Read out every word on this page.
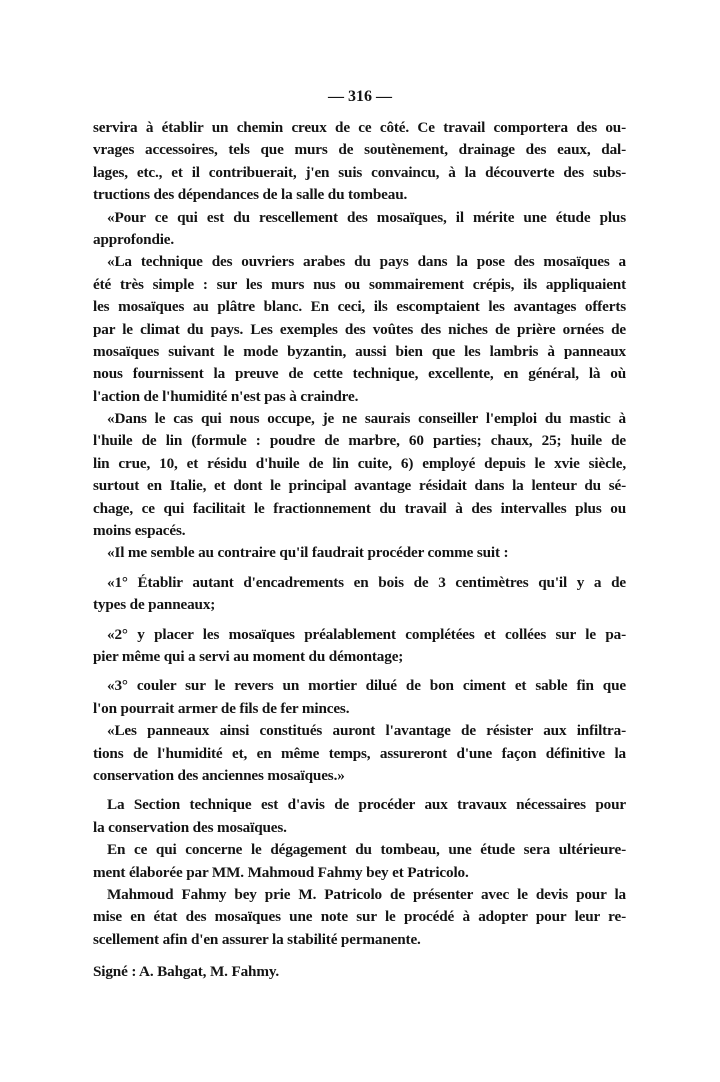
— 316 —
servira à établir un chemin creux de ce côté. Ce travail comportera des ou-
vrages accessoires, tels que murs de soutènement, drainage des eaux, dal-
lages, etc., et il contribuerait, j'en suis convaincu, à la découverte des subs-
tructions des dépendances de la salle du tombeau.
«Pour ce qui est du rescellement des mosaïques, il mérite une étude plus
approfondie.
«La technique des ouvriers arabes du pays dans la pose des mosaïques a
été très simple : sur les murs nus ou sommairement crépis, ils appliquaient
les mosaïques au plâtre blanc. En ceci, ils escomptaient les avantages offerts
par le climat du pays. Les exemples des voûtes des niches de prière ornées de
mosaïques suivant le mode byzantin, aussi bien que les lambris à panneaux
nous fournissent la preuve de cette technique, excellente, en général, là où
l'action de l'humidité n'est pas à craindre.
«Dans le cas qui nous occupe, je ne saurais conseiller l'emploi du mastic à
l'huile de lin (formule : poudre de marbre, 60 parties; chaux, 25; huile de
lin crue, 10, et résidu d'huile de lin cuite, 6) employé depuis le xvie siècle,
surtout en Italie, et dont le principal avantage résidait dans la lenteur du sé-
chage, ce qui facilitait le fractionnement du travail à des intervalles plus ou
moins espacés.
«Il me semble au contraire qu'il faudrait procéder comme suit :
«1° Établir autant d'encadrements en bois de 3 centimètres qu'il y a de
types de panneaux;
«2° y placer les mosaïques préalablement complétées et collées sur le pa-
pier même qui a servi au moment du démontage;
«3° couler sur le revers un mortier dilué de bon ciment et sable fin que
l'on pourrait armer de fils de fer minces.
«Les panneaux ainsi constitués auront l'avantage de résister aux infiltra-
tions de l'humidité et, en même temps, assureront d'une façon définitive la
conservation des anciennes mosaïques.»
La Section technique est d'avis de procéder aux travaux nécessaires pour
la conservation des mosaïques.
En ce qui concerne le dégagement du tombeau, une étude sera ultérieure-
ment élaborée par MM. Mahmoud Fahmy bey et Patricolo.
Mahmoud Fahmy bey prie M. Patricolo de présenter avec le devis pour la
mise en état des mosaïques une note sur le procédé à adopter pour leur re-
scellement afin d'en assurer la stabilité permanente.
Signé : A. Bahgat, M. Fahmy.
